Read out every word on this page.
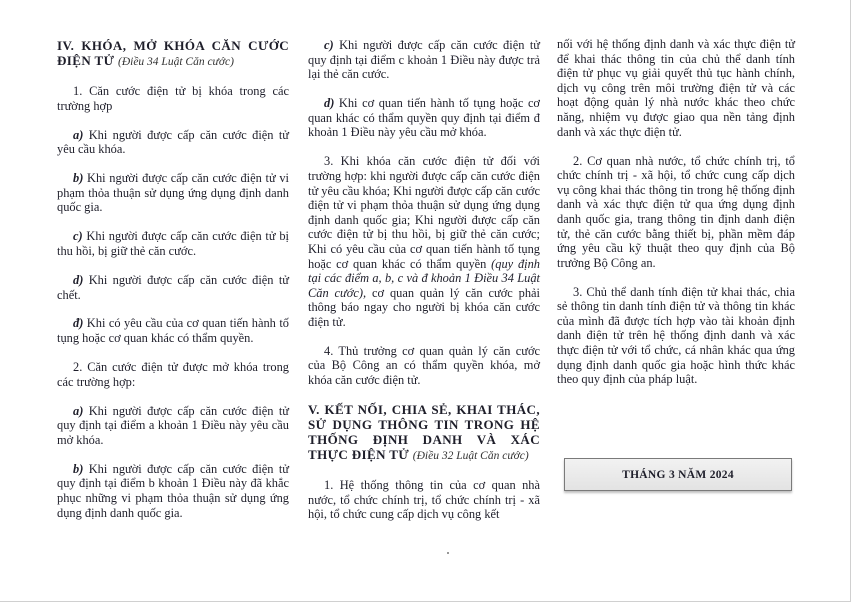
IV. KHÓA, MỞ KHÓA CĂN CƯỚC ĐIỆN TỬ (Điều 34 Luật Căn cước)

1. Căn cước điện tử bị khóa trong các trường hợp

a) Khi người được cấp căn cước điện tử yêu cầu khóa.

b) Khi người được cấp căn cước điện tử vi phạm thỏa thuận sử dụng ứng dụng định danh quốc gia.

c) Khi người được cấp căn cước điện tử bị thu hồi, bị giữ thẻ căn cước.

d) Khi người được cấp căn cước điện tử chết.

đ) Khi có yêu cầu của cơ quan tiến hành tố tụng hoặc cơ quan khác có thẩm quyền.

2. Căn cước điện tử được mở khóa trong các trường hợp:

a) Khi người được cấp căn cước điện tử quy định tại điểm a khoản 1 Điều này yêu cầu mở khóa.

b) Khi người được cấp căn cước điện tử quy định tại điểm b khoản 1 Điều này đã khắc phục những vi phạm thỏa thuận sử dụng ứng dụng định danh quốc gia.

c) Khi người được cấp căn cước điện tử quy định tại điểm c khoản 1 Điều này được trả lại thẻ căn cước.

d) Khi cơ quan tiến hành tố tụng hoặc cơ quan khác có thẩm quyền quy định tại điểm đ khoản 1 Điều này yêu cầu mở khóa.

3. Khi khóa căn cước điện tử đối với trường hợp: khi người được cấp căn cước điện tử yêu cầu khóa; Khi người được cấp căn cước điện tử vi phạm thỏa thuận sử dụng ứng dụng định danh quốc gia; Khi người được cấp căn cước điện tử bị thu hồi, bị giữ thẻ căn cước; Khi có yêu cầu của cơ quan tiến hành tố tụng hoặc cơ quan khác có thẩm quyền (quy định tại các điểm a, b, c và đ khoản 1 Điều 34 Luật Căn cước), cơ quan quản lý căn cước phải thông báo ngay cho người bị khóa căn cước điện tử.

4. Thủ trưởng cơ quan quản lý căn cước của Bộ Công an có thẩm quyền khóa, mở khóa căn cước điện tử.

V. KẾT NỐI, CHIA SẺ, KHAI THÁC, SỬ DỤNG THÔNG TIN TRONG HỆ THỐNG ĐỊNH DANH VÀ XÁC THỰC ĐIỆN TỬ (Điều 32 Luật Căn cước)

1. Hệ thống thông tin của cơ quan nhà nước, tổ chức chính trị, tổ chức chính trị - xã hội, tổ chức cung cấp dịch vụ công kết

nối với hệ thống định danh và xác thực điện tử để khai thác thông tin của chủ thể danh tính điện tử phục vụ giải quyết thủ tục hành chính, dịch vụ công trên môi trường điện tử và các hoạt động quản lý nhà nước khác theo chức năng, nhiệm vụ được giao qua nền tảng định danh và xác thực điện tử.

2. Cơ quan nhà nước, tổ chức chính trị, tổ chức chính trị - xã hội, tổ chức cung cấp dịch vụ công khai thác thông tin trong hệ thống định danh và xác thực điện tử qua ứng dụng định danh quốc gia, trang thông tin định danh điện tử, thẻ căn cước bằng thiết bị, phần mềm đáp ứng yêu cầu kỹ thuật theo quy định của Bộ trưởng Bộ Công an.

3. Chủ thể danh tính điện tử khai thác, chia sẻ thông tin danh tính điện tử và thông tin khác của mình đã được tích hợp vào tài khoản định danh điện tử trên hệ thống định danh và xác thực điện tử với tổ chức, cá nhân khác qua ứng dụng định danh quốc gia hoặc hình thức khác theo quy định của pháp luật.

THÁNG 3 NĂM 2024
